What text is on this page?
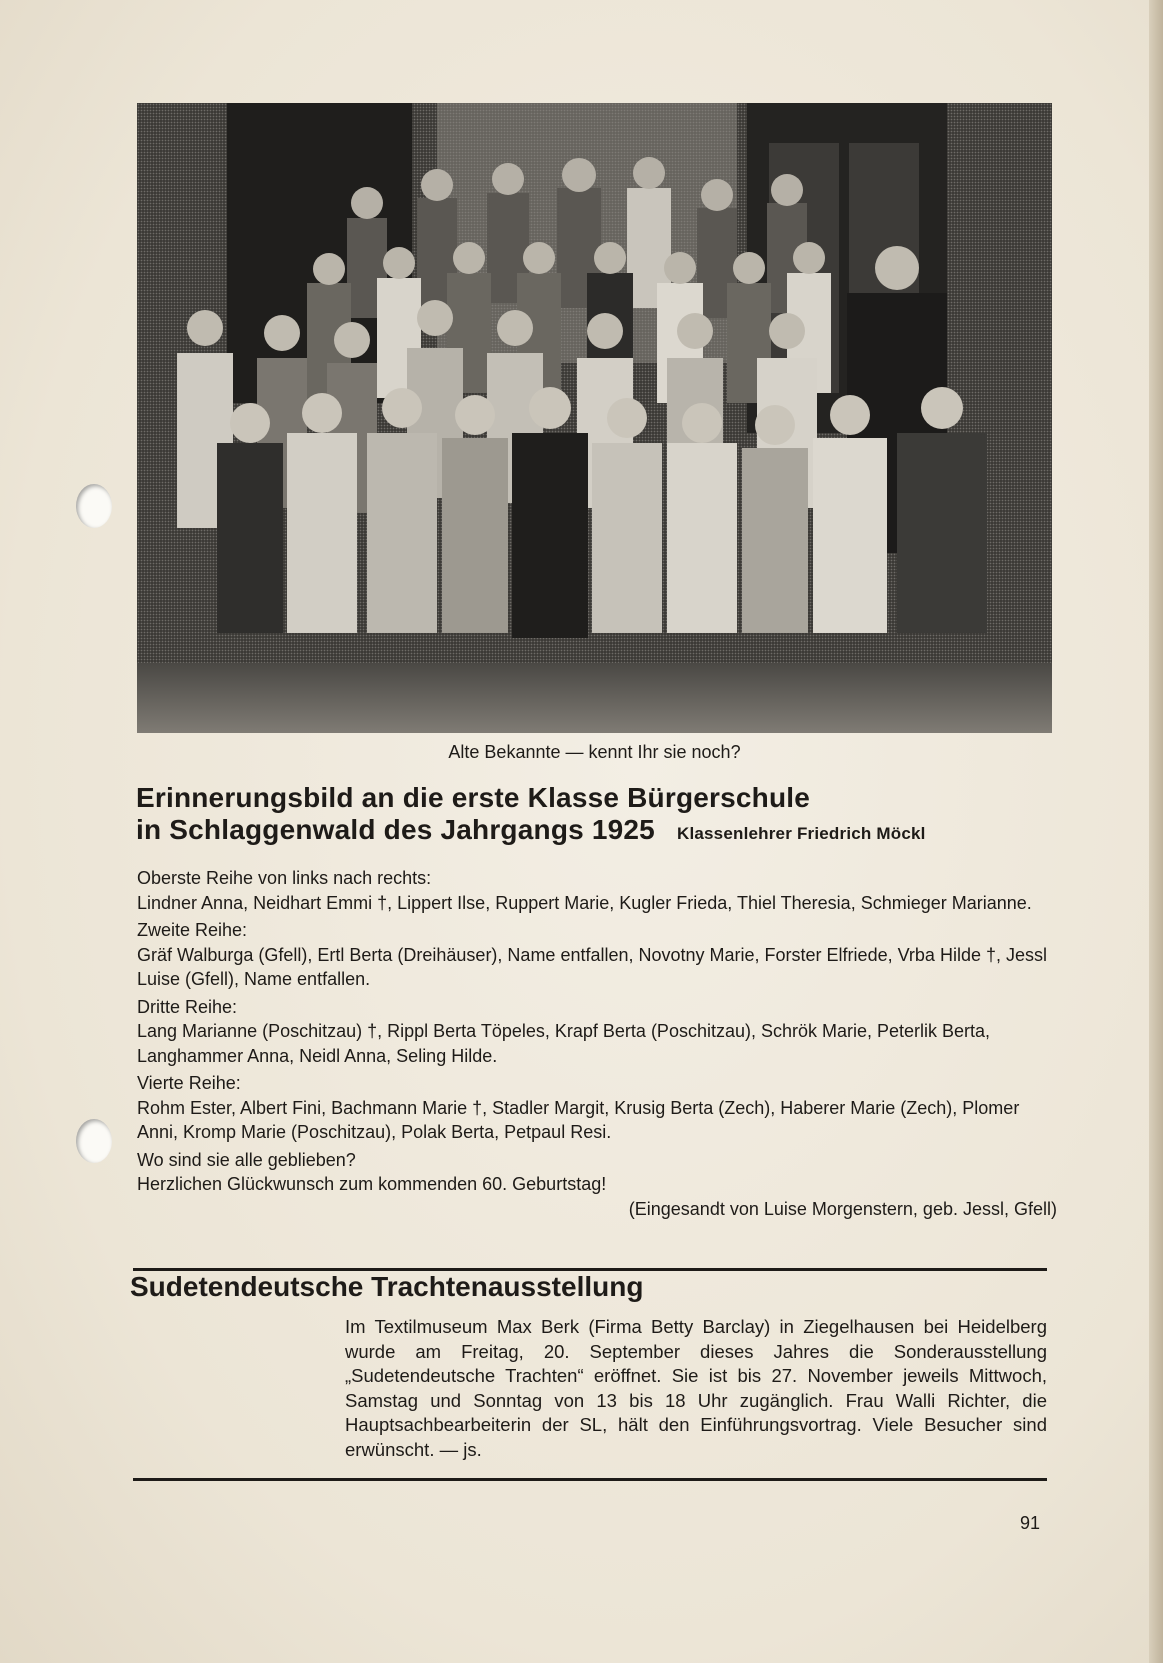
Alte Bekannte — kennt Ihr sie noch?
Erinnerungsbild an die erste Klasse Bürgerschule
in Schlaggenwald des Jahrgangs 1925 Klassenlehrer Friedrich Möckl

Oberste Reihe von links nach rechts:

Lindner Anna, Neidhart Emmi †, Lippert Ilse, Ruppert Marie, Kugler Frieda, Thiel Theresia, Schmieger Marianne.

Zweite Reihe:

Gräf Walburga (Gfell), Ertl Berta (Dreihäuser), Name entfallen, Novotny Marie, Forster Elfriede, Vrba Hilde †, Jessl Luise (Gfell), Name entfallen.

Dritte Reihe:

Lang Marianne (Poschitzau) †, Rippl Berta Töpeles, Krapf Berta (Poschitzau), Schrök Marie, Peterlik Berta, Langhammer Anna, Neidl Anna, Seling Hilde.

Vierte Reihe:

Rohm Ester, Albert Fini, Bachmann Marie †, Stadler Margit, Krusig Berta (Zech), Haberer Marie (Zech), Plomer Anni, Kromp Marie (Poschitzau), Polak Berta, Petpaul Resi.

Wo sind sie alle geblieben?

Herzlichen Glückwunsch zum kommenden 60. Geburtstag!

(Eingesandt von Luise Morgenstern, geb. Jessl, Gfell)

Sudetendeutsche Trachtenausstellung
Im Textilmuseum Max Berk (Firma Betty Barclay) in Ziegelhausen bei Heidelberg wurde am Freitag, 20. September dieses Jahres die Sonderausstellung „Sudetendeutsche Trachten“ eröffnet. Sie ist bis 27. November jeweils Mittwoch, Samstag und Sonntag von 13 bis 18 Uhr zugänglich. Frau Walli Richter, die Hauptsachbearbeiterin der SL, hält den Einführungsvortrag. Viele Besucher sind erwünscht. — js.
91
